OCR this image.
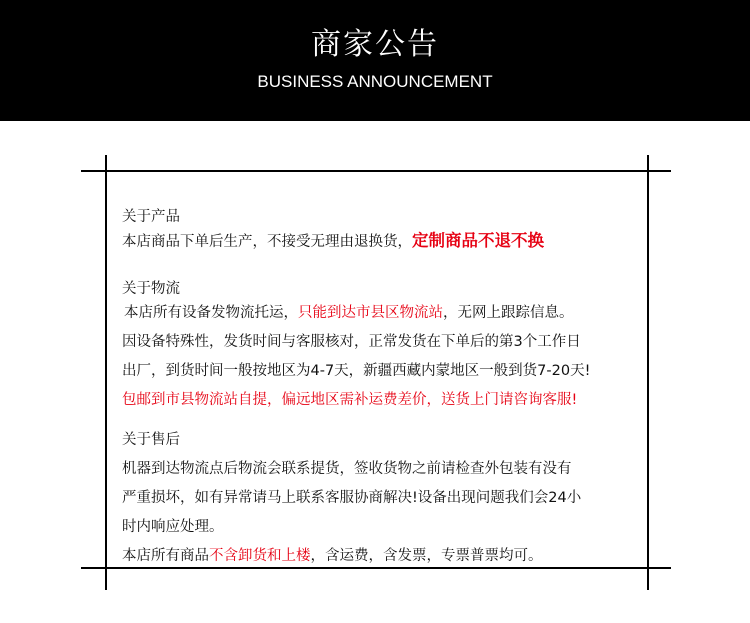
商家公告
BUSINESS ANNOUNCEMENT
关于产品
本店商品下单后生产，不接受无理由退换货，定制商品不退不换
关于物流
本店所有设备发物流托运，只能到达市县区物流站，无网上跟踪信息。
因设备特殊性，发货时间与客服核对，正常发货在下单后的第3个工作日
出厂，到货时间一般按地区为4-7天，新疆西藏内蒙地区一般到货7-20天!
包邮到市县物流站自提，偏远地区需补运费差价，送货上门请咨询客服!
关于售后
机器到达物流点后物流会联系提货，签收货物之前请检查外包装有没有
严重损坏，如有异常请马上联系客服协商解决!设备出现问题我们会24小
时内响应处理。
本店所有商品不含卸货和上楼，含运费，含发票，专票普票均可。
